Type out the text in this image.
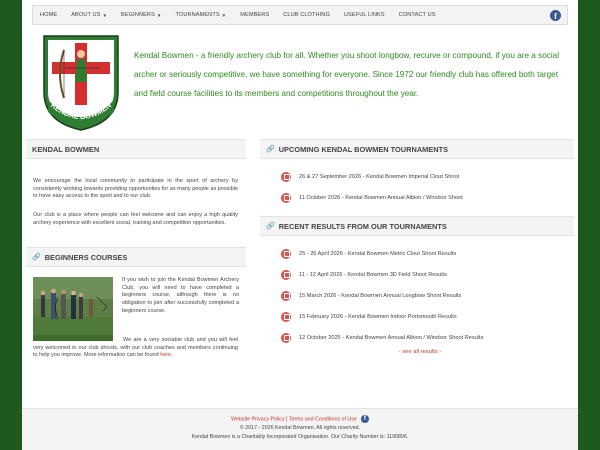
HOME	ABOUT US ▼	BEGINNERS ▼	TOURNAMENTS ▼	MEMBERS	CLUB CLOTHING	USEFUL LINKS	CONTACT US	f
KENDAL BOWMEN
Kendal Bowmen - a friendly archery club for all. Whether you shoot longbow, recurve or compound, if you are a social archer or seriously competitive, we have something for everyone. Since 1972 our friendly club has offered both target and field course facilities to its members and competitions throughout the year.
KENDAL BOWMEN
We encourage the local community to participate in the sport of archery by consistently working towards providing opportunities for as many people as possible to have easy access to the sport and to our club.
Our club is a place where people can feel welcome and can enjoy a high quality archery experience with excellent social, training and competition opportunities.
🔗 BEGINNERS COURSES
If you wish to join the Kendal Bowmen Archery Club, you will need to have completed a beginners course, although there is no obligation to join after successfully completed a beginners course.
We are a very sociable club and you will feel very welcomed in our club shoots, with our club coaches and members continuing to help you improve. More information can be found here.
🔗 UPCOMING KENDAL BOWMEN TOURNAMENTS
26 & 27 September 2026 - Kendal Bowmen Imperial Clout Shoot
11 October 2026 - Kendal Bowmen Annual Albion / Windsor Shoot
🔗 RECENT RESULTS FROM OUR TOURNAMENTS
25 - 26 April 2026 - Kendal Bowmen Metric Clout Shoot Results
11 - 12 April 2026 - Kendal Bowmen 3D Field Shoot Results
15 March 2026 - Kendal Bowmen Annual Longbow Shoot Results
15 February 2026 - Kendal Bowmen Indoor Portsmouth Results
12 October 2025 - Kendal Bowmen Annual Albion / Windsor Shoot Results
- see all results -
Website Privacy Policy | Terms and Conditions of Use f
© 2017 - 2026 Kendal Bowmen. All rights reserved.
Kendal Bowmen is a Charitably Incorporated Organisation. Our Charity Number is: 1190896.
